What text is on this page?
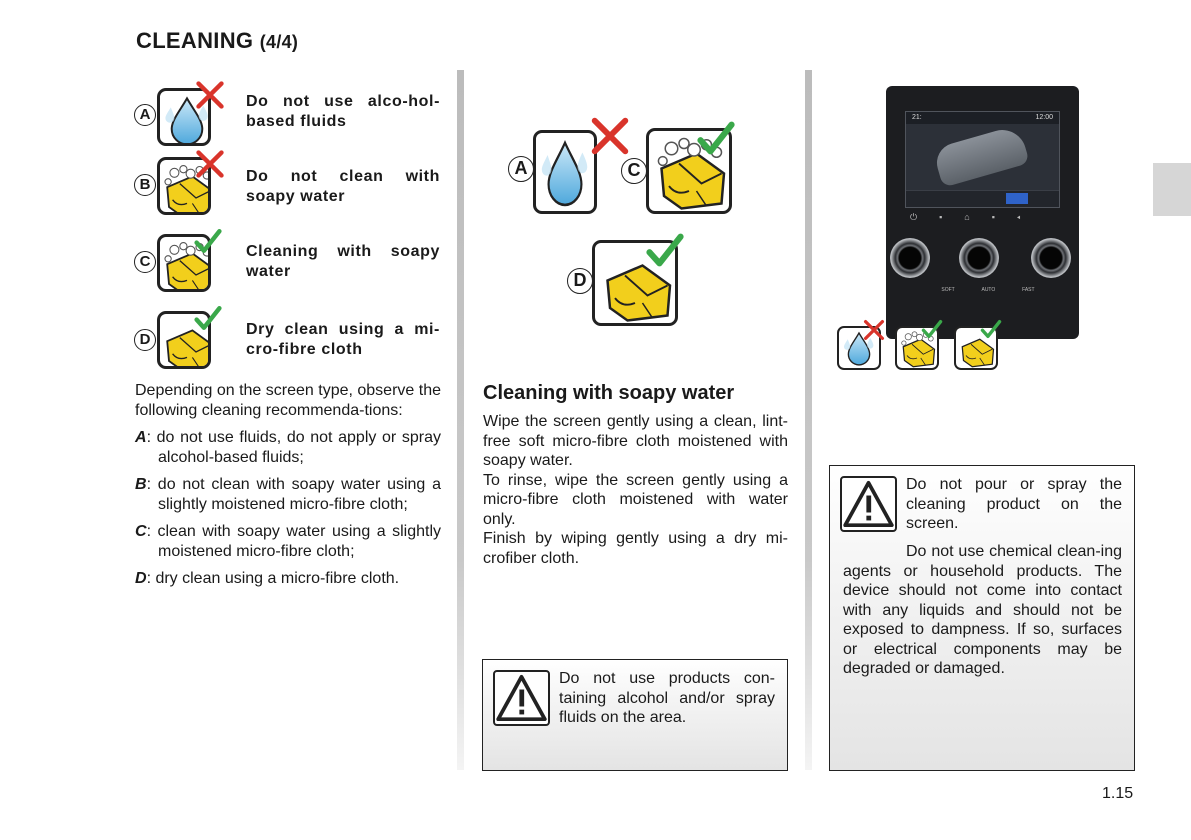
CLEANING (4/4)
A
Do not use alco-hol-based fluids
B	Do not clean with soapy water
C
Cleaning with soapy water
D
Dry clean using a mi-cro-fibre cloth

Depending on the screen type, observe the following cleaning recommenda-tions:

A: do not use fluids, do not apply or spray alcohol-based fluids;

B: do not clean with soapy water using a slightly moistened micro-fibre cloth;

C: clean with soapy water using a slightly moistened micro-fibre cloth;

D: dry clean using a micro-fibre cloth.

A	C
D
Cleaning with soapy water

Wipe the screen gently using a clean, lint-free soft micro-fibre cloth moistened with soapy water.

To rinse, wipe the screen gently using a micro-fibre cloth moistened with water only.

Finish by wiping gently using a dry mi-crofiber cloth.

Do not use products con-taining alcohol and/or spray fluids on the area.
21:	12:00
⏻▪⌂▪◂
SOFT	AUTO	FAST
Do not pour or spray the cleaning product on the screen.
Do not use chemical clean-ing agents or household products. The device should not come into contact with any liquids and should not be exposed to dampness. If so, surfaces or electrical components may be degraded or damaged.
1.15
